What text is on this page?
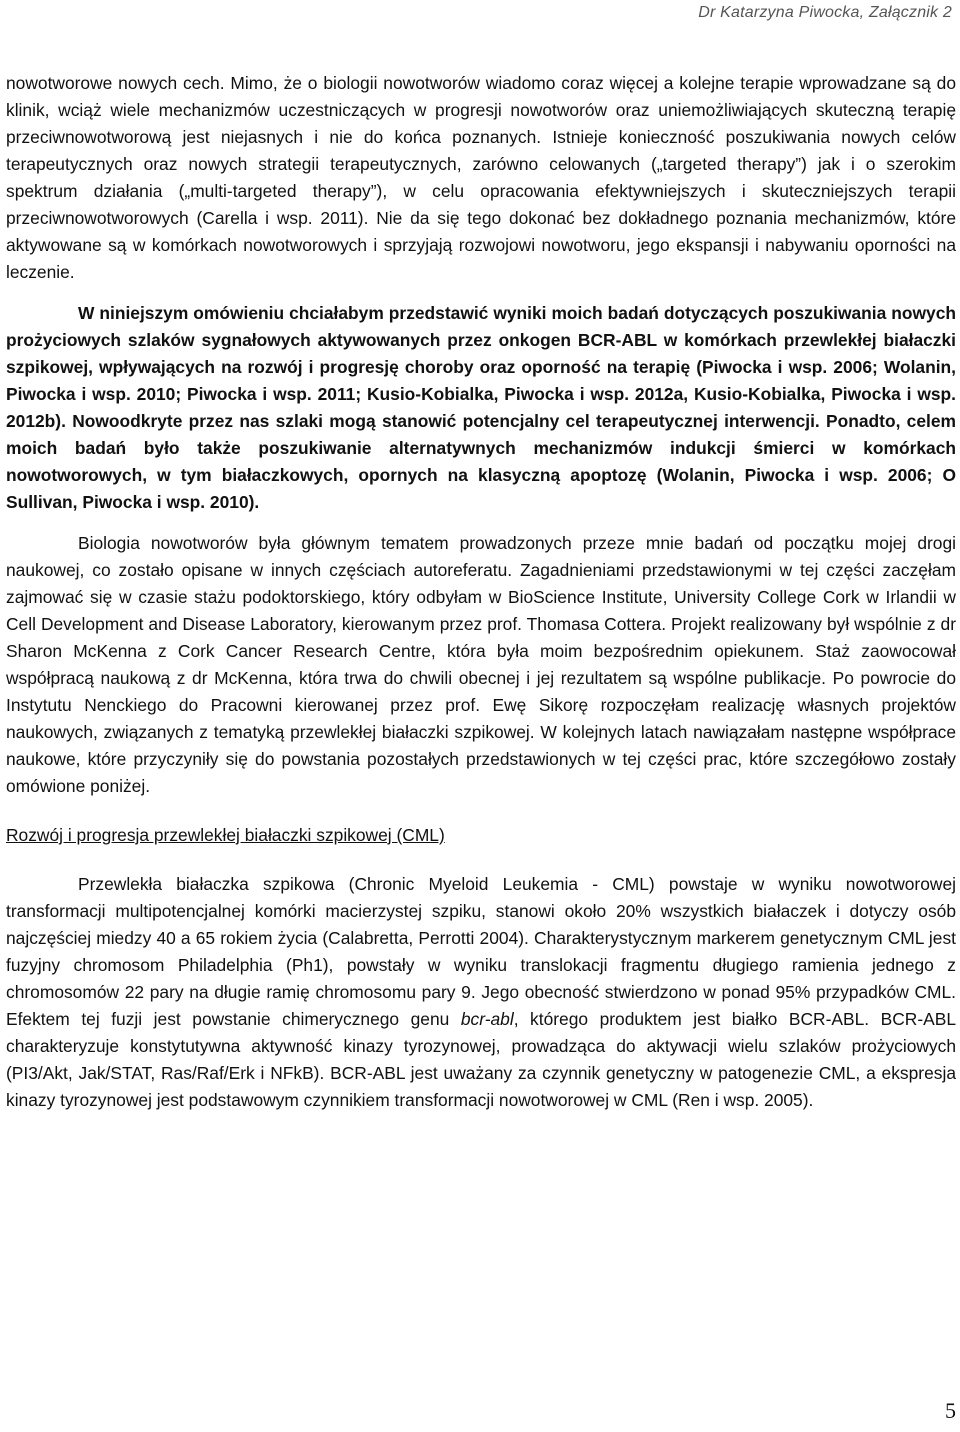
Dr Katarzyna Piwocka, Załącznik 2

nowotworowe nowych cech. Mimo, że o biologii nowotworów wiadomo coraz więcej a kolejne terapie wprowadzane są do klinik, wciąż wiele mechanizmów uczestniczących w progresji nowotworów oraz uniemożliwiających skuteczną terapię przeciwnowotworową jest niejasnych i nie do końca poznanych. Istnieje konieczność poszukiwania nowych celów terapeutycznych oraz nowych strategii terapeutycznych, zarówno celowanych („targeted therapy”) jak i o szerokim spektrum działania („multi-targeted therapy”), w celu opracowania efektywniejszych i skuteczniejszych terapii przeciwnowotworowych (Carella i wsp. 2011). Nie da się tego dokonać bez dokładnego poznania mechanizmów, które aktywowane są w komórkach nowotworowych i sprzyjają rozwojowi nowotworu, jego ekspansji i nabywaniu oporności na leczenie.

W niniejszym omówieniu chciałabym przedstawić wyniki moich badań dotyczących poszukiwania nowych prożyciowych szlaków sygnałowych aktywowanych przez onkogen BCR-ABL w komórkach przewlekłej białaczki szpikowej, wpływających na rozwój i progresję choroby oraz oporność na terapię (Piwocka i wsp. 2006; Wolanin, Piwocka i wsp. 2010; Piwocka i wsp. 2011; Kusio-Kobialka, Piwocka i wsp. 2012a, Kusio-Kobialka, Piwocka i wsp. 2012b). Nowoodkryte przez nas szlaki mogą stanowić potencjalny cel terapeutycznej interwencji. Ponadto, celem moich badań było także poszukiwanie alternatywnych mechanizmów indukcji śmierci w komórkach nowotworowych, w tym białaczkowych, opornych na klasyczną apoptozę (Wolanin, Piwocka i wsp. 2006; O Sullivan, Piwocka i wsp. 2010).

Biologia nowotworów była głównym tematem prowadzonych przeze mnie badań od początku mojej drogi naukowej, co zostało opisane w innych częściach autoreferatu. Zagadnieniami przedstawionymi w tej części zaczęłam zajmować się w czasie stażu podoktorskiego, który odbyłam w BioScience Institute, University College Cork w Irlandii w Cell Development and Disease Laboratory, kierowanym przez prof. Thomasa Cottera. Projekt realizowany był wspólnie z dr Sharon McKenna z Cork Cancer Research Centre, która była moim bezpośrednim opiekunem. Staż zaowocował współpracą naukową z dr McKenna, która trwa do chwili obecnej i jej rezultatem są wspólne publikacje. Po powrocie do Instytutu Nenckiego do Pracowni kierowanej przez prof. Ewę Sikorę rozpoczęłam realizację własnych projektów naukowych, związanych z tematyką przewlekłej białaczki szpikowej. W kolejnych latach nawiązałam następne współprace naukowe, które przyczyniły się do powstania pozostałych przedstawionych w tej części prac, które szczegółowo zostały omówione poniżej.

Rozwój i progresja przewlekłej białaczki szpikowej (CML)

Przewlekła białaczka szpikowa (Chronic Myeloid Leukemia - CML) powstaje w wyniku nowotworowej transformacji multipotencjalnej komórki macierzystej szpiku, stanowi około 20% wszystkich białaczek i dotyczy osób najczęściej miedzy 40 a 65 rokiem życia (Calabretta, Perrotti 2004). Charakterystycznym markerem genetycznym CML jest fuzyjny chromosom Philadelphia (Ph1), powstały w wyniku translokacji fragmentu długiego ramienia jednego z chromosomów 22 pary na długie ramię chromosomu pary 9. Jego obecność stwierdzono w ponad 95% przypadków CML. Efektem tej fuzji jest powstanie chimerycznego genu bcr-abl, którego produktem jest białko BCR-ABL. BCR-ABL charakteryzuje konstytutywna aktywność kinazy tyrozynowej, prowadząca do aktywacji wielu szlaków prożyciowych (PI3/Akt, Jak/STAT, Ras/Raf/Erk i NFkB). BCR-ABL jest uważany za czynnik genetyczny w patogenezie CML, a ekspresja kinazy tyrozynowej jest podstawowym czynnikiem transformacji nowotworowej w CML (Ren i wsp. 2005).

5
